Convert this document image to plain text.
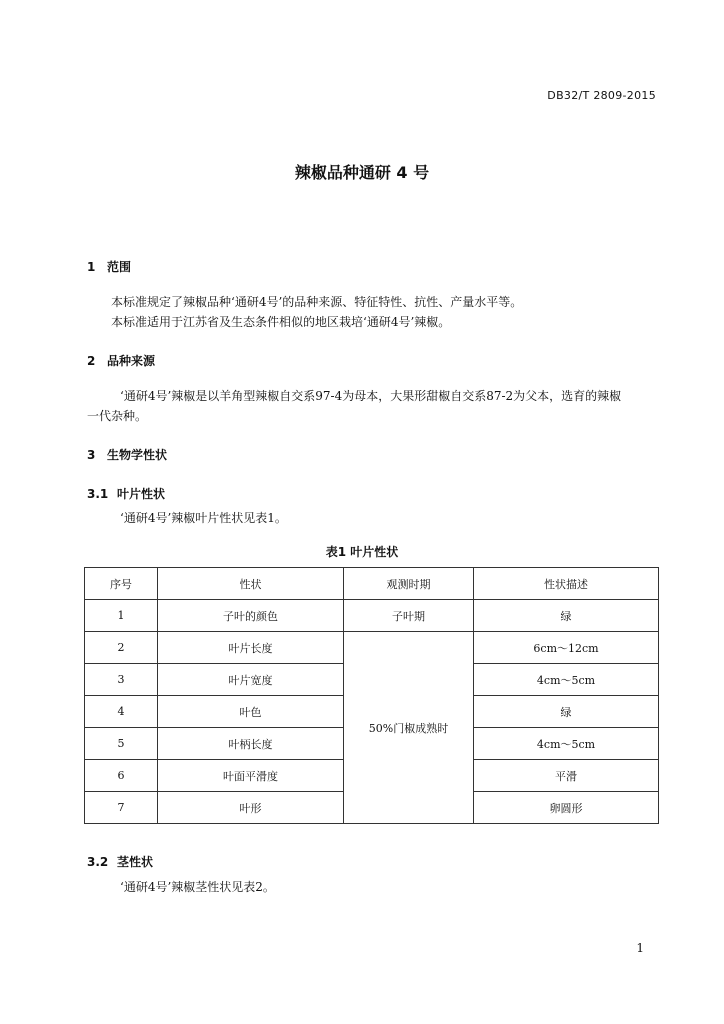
DB32/T 2809-2015
辣椒品种通研 4 号
1 范围
本标准规定了辣椒品种‘通研4号’的品种来源、特征特性、抗性、产量水平等。
本标准适用于江苏省及生态条件相似的地区栽培‘通研4号’辣椒。
2 品种来源
‘通研4号’辣椒是以羊角型辣椒自交系97-4为母本，大果形甜椒自交系87-2为父本，选育的辣椒
一代杂种。
3 生物学性状
3.1 叶片性状
‘通研4号’辣椒叶片性状见表1。
表1 叶片性状
序号	性状	观测时期	性状描述
1	子叶的颜色	子叶期	绿
2	叶片长度	50%门椒成熟时	6cm～12cm
3	叶片宽度		4cm～5cm
4	叶色		绿
5	叶柄长度		4cm～5cm
6	叶面平滑度		平滑
7	叶形		卵圆形
3.2 茎性状
‘通研4号’辣椒茎性状见表2。
1
